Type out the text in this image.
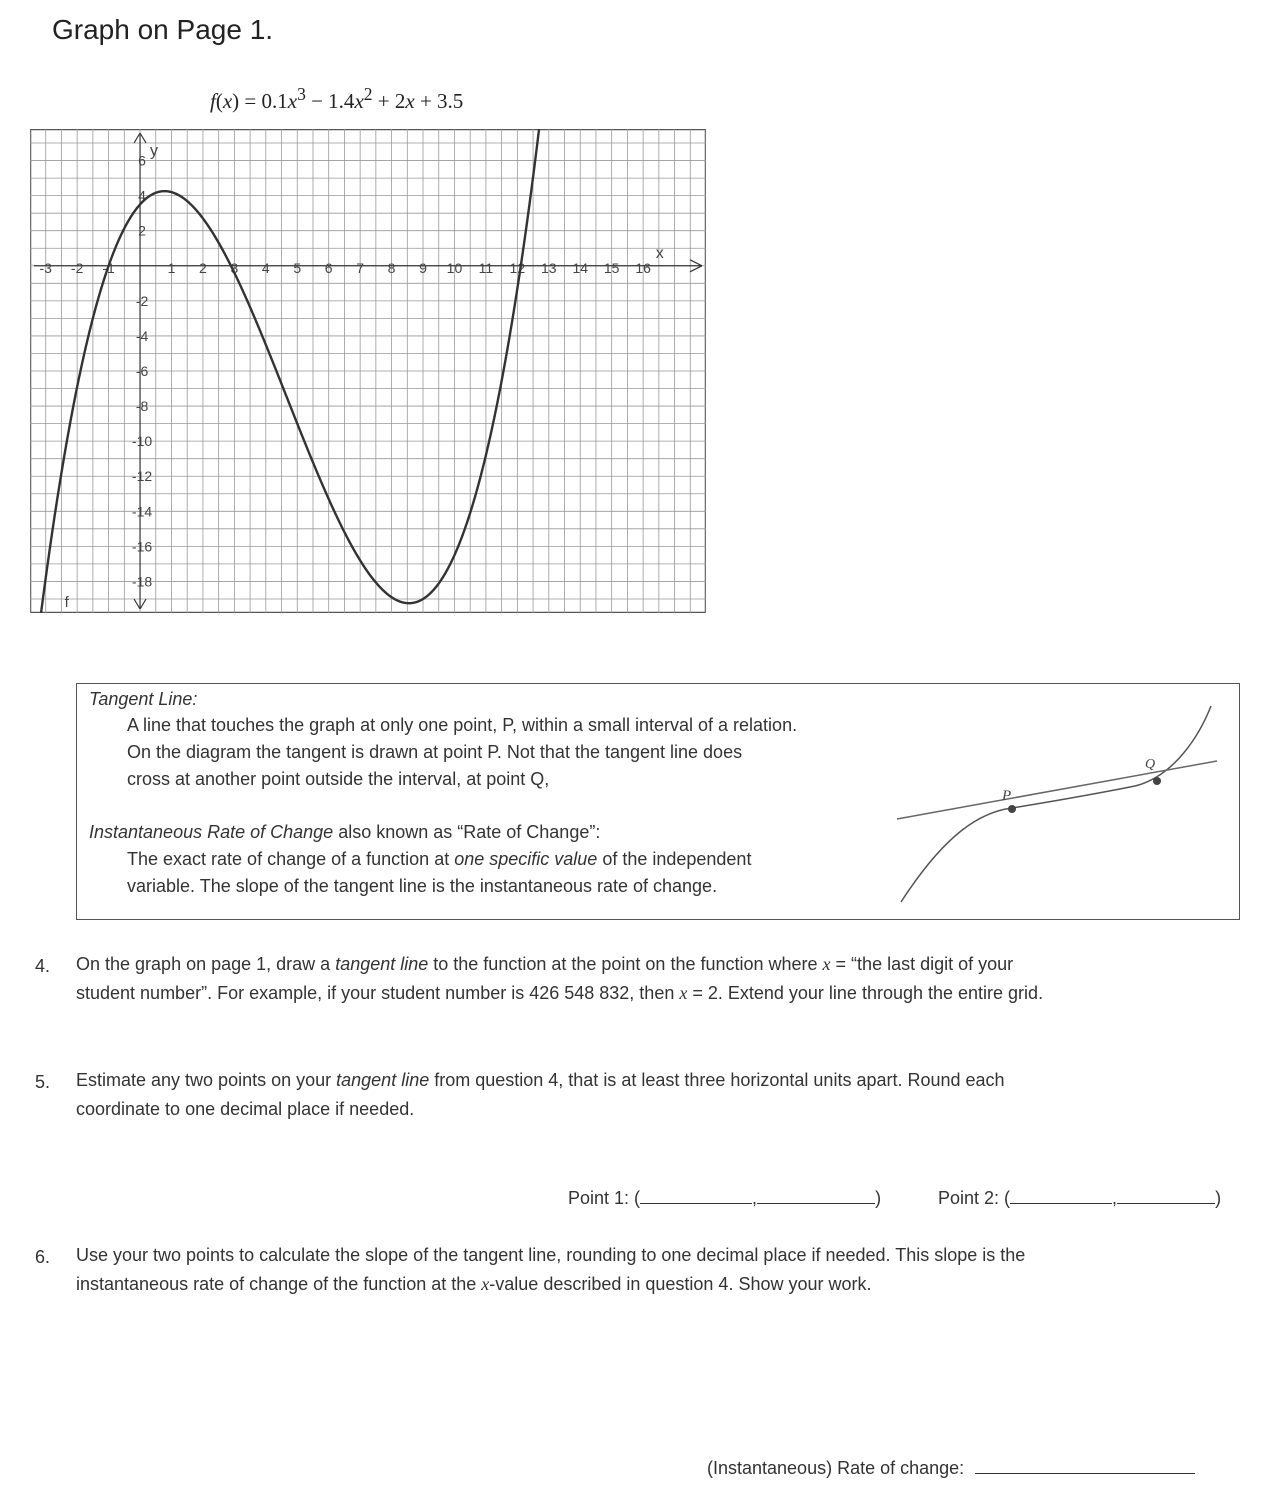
Graph on Page 1.
$f(x) = 0.1x^3 - 1.4x^2 + 2x + 3.5$
-3 -2 -1	1 2 3 4 5 6 7 8 9 10 11 12 13 14 15 16
6
4
2
-2
-4
-6
-8
-10
-12
-14
-16
-18
x
y
f
Tangent Line:
A line that touches the graph at only one point, P, within a small interval of a relation.
On the diagram the tangent is drawn at point P. Not that the tangent line does
cross at another point outside the interval, at point Q,
Instantaneous Rate of Change also known as “Rate of Change”:
The exact rate of change of a function at one specific value of the independent
variable. The slope of the tangent line is the instantaneous rate of change.
P
Q
4. On the graph on page 1, draw a tangent line to the function at the point on the function where x = “the last digit of your
student number”. For example, if your student number is 426 548 832, then x = 2. Extend your line through the entire grid.
5. Estimate any two points on your tangent line from question 4, that is at least three horizontal units apart. Round each
coordinate to one decimal place if needed.
Point 1: (	,	)	Point 2: (	,	)
6. Use your two points to calculate the slope of the tangent line, rounding to one decimal place if needed. This slope is the
instantaneous rate of change of the function at the x-value described in question 4. Show your work.
(Instantaneous) Rate of change:
